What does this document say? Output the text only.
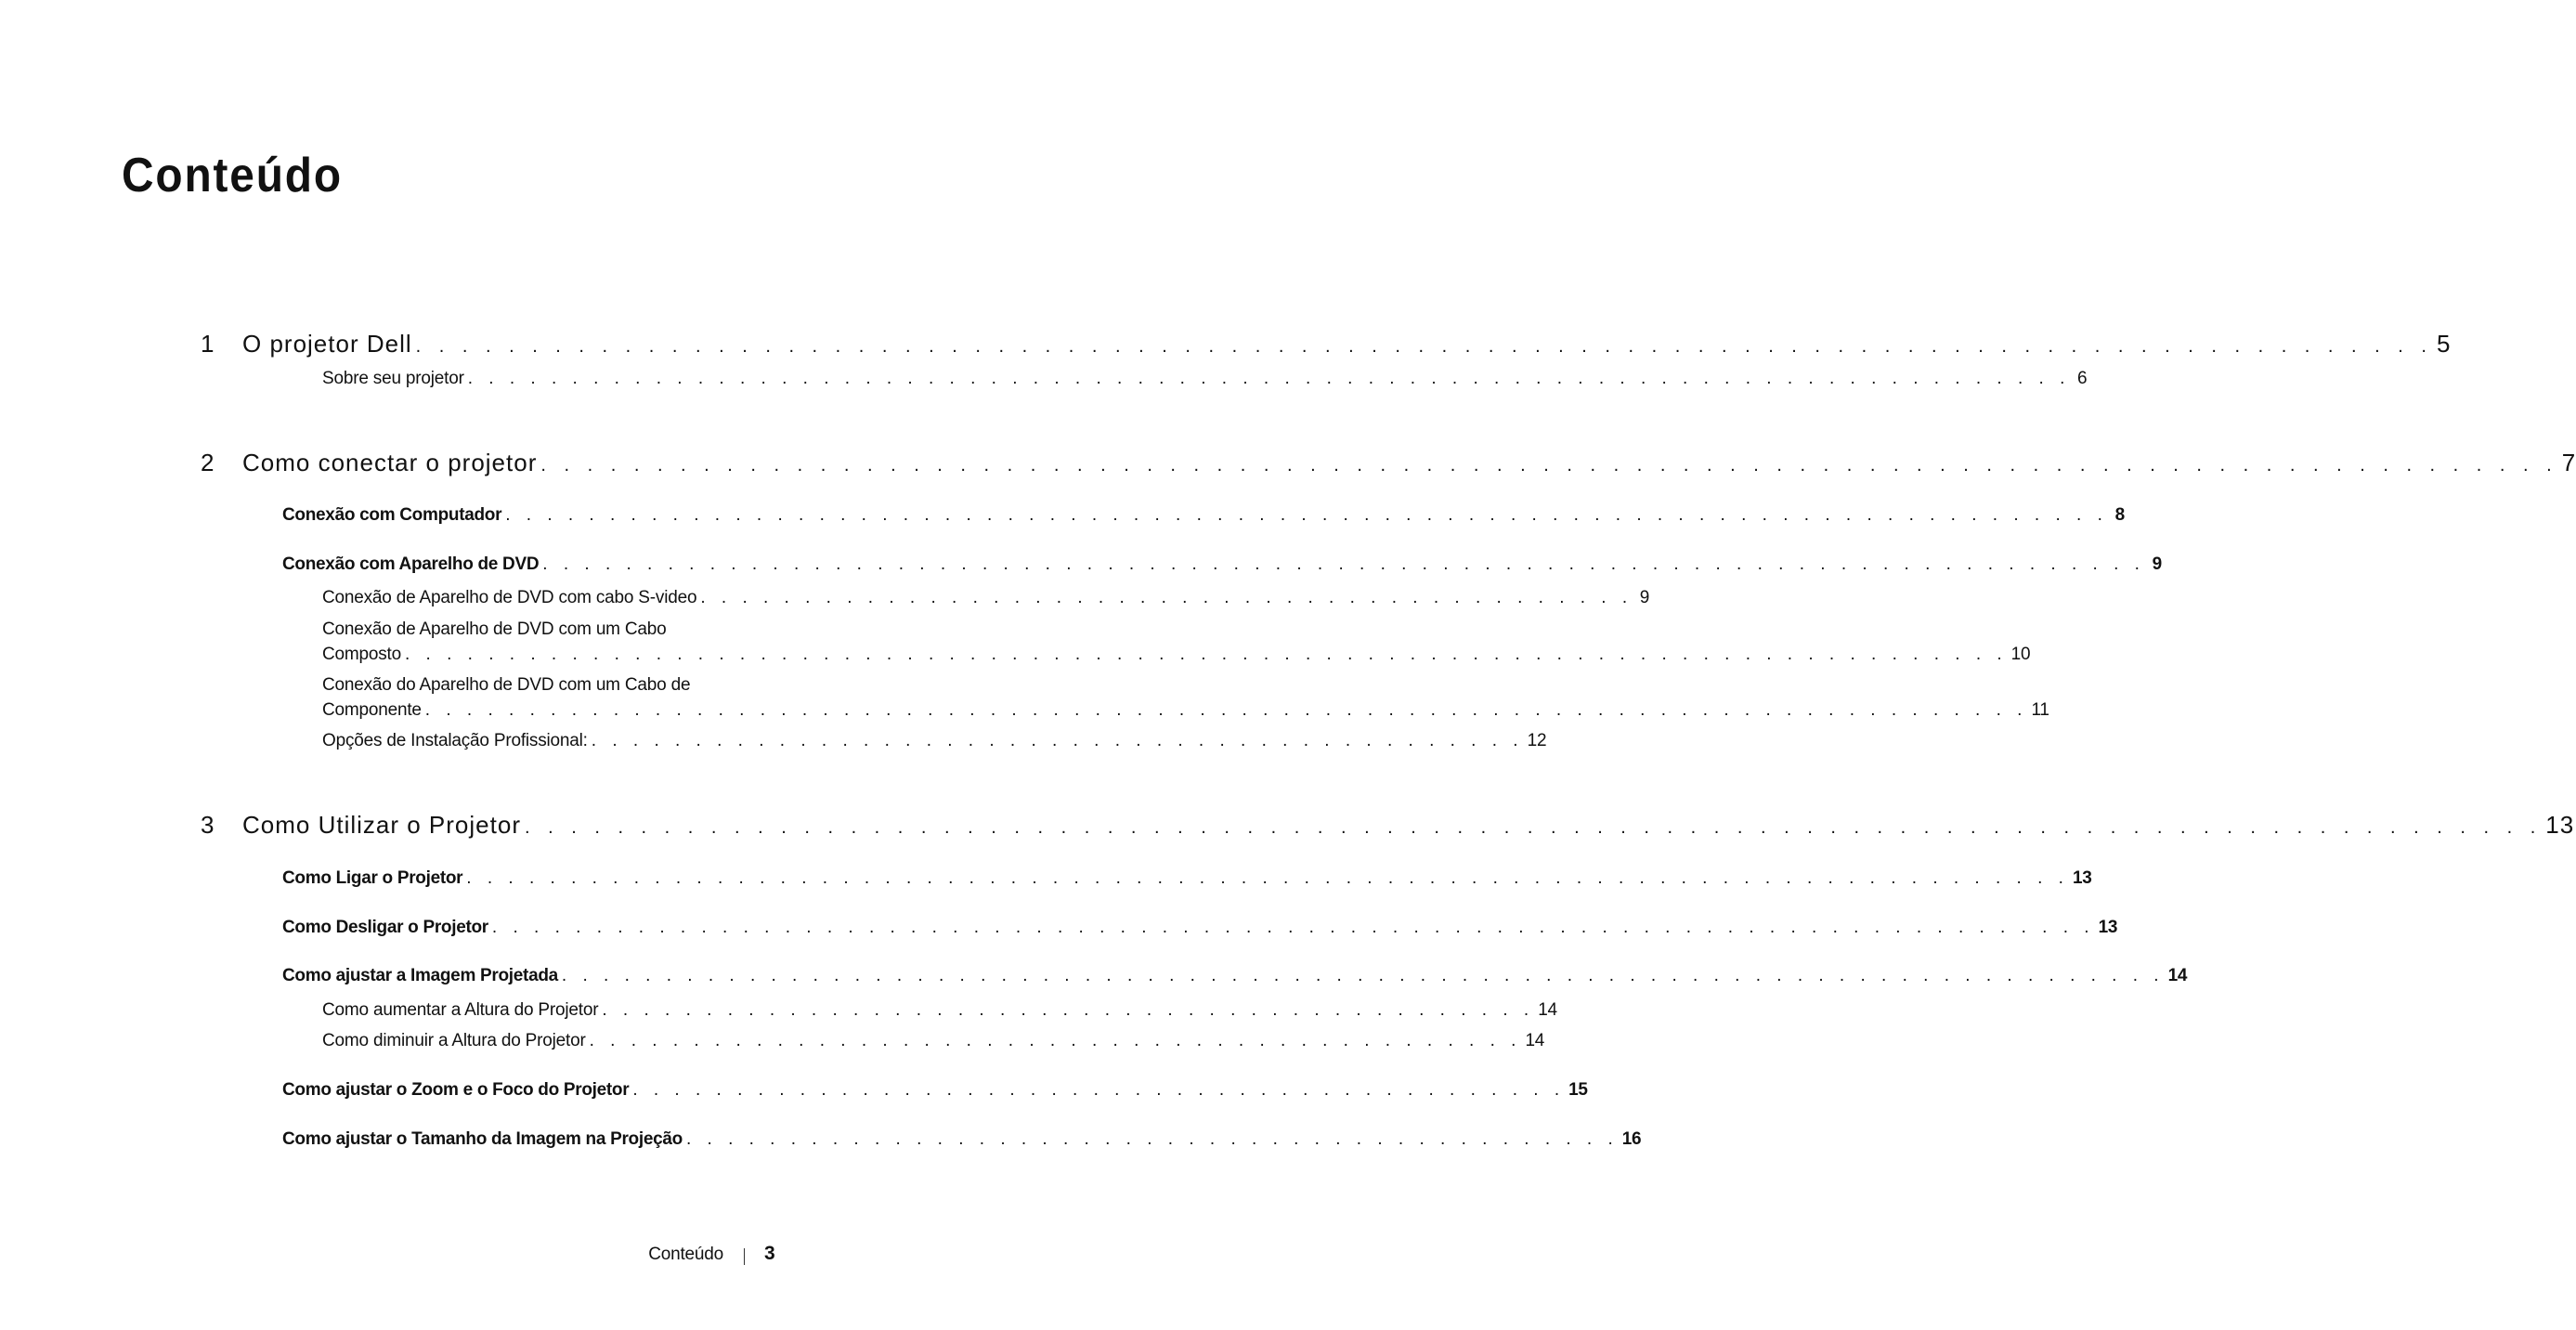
Conteúdo
1 O projetor Dell . . . . . . . . . . . . . . . . . . . . . . . . . . . . . . . . . . . . . . . . . . . . . . . . . . . . . . . . . . . . . . . . . . . . . . . . . . . . . . . . . . . . . . . 5
Sobre seu projetor . . . . . . . . . . . . . . . . . . . . . . . . . . . . . . . . . . . . . . . . . . . . . . . . . . . . . . . . . . . . . . . . . . . . . . . . . . . . . 6
2 Como conectar o projetor . . . . . . . . . . . . . . . . . . . . . . . . . . . . . . . . . . . . . . . . . . . . . . . . . . . . . . . . . . . . . . . . . . . . . . . . . . . . . . . . . . . . . . . 7
Conexão com Computador . . . . . . . . . . . . . . . . . . . . . . . . . . . . . . . . . . . . . . . . . . . . . . . . . . . . . . . . . . . . . . . . . . . . . . . . . . . . . 8
Conexão com Aparelho de DVD . . . . . . . . . . . . . . . . . . . . . . . . . . . . . . . . . . . . . . . . . . . . . . . . . . . . . . . . . . . . . . . . . . . . . . . . . . . . . 9
Conexão de Aparelho de DVD com cabo S-video . . . . . . . . . . . . . . . . . . . . . . . . . . . . . . . . . . . . . . . . . . . . . 9
Conexão de Aparelho de DVD com um Cabo
Composto . . . . . . . . . . . . . . . . . . . . . . . . . . . . . . . . . . . . . . . . . . . . . . . . . . . . . . . . . . . . . . . . . . . . . . . . . . . . . 10
Conexão do Aparelho de DVD com um Cabo de
Componente . . . . . . . . . . . . . . . . . . . . . . . . . . . . . . . . . . . . . . . . . . . . . . . . . . . . . . . . . . . . . . . . . . . . . . . . . . . . . 11
Opções de Instalação Profissional: . . . . . . . . . . . . . . . . . . . . . . . . . . . . . . . . . . . . . . . . . . . . . 12
3 Como Utilizar o Projetor . . . . . . . . . . . . . . . . . . . . . . . . . . . . . . . . . . . . . . . . . . . . . . . . . . . . . . . . . . . . . . . . . . . . . . . . . . . . . . . . . . . . . . . 13
Como Ligar o Projetor . . . . . . . . . . . . . . . . . . . . . . . . . . . . . . . . . . . . . . . . . . . . . . . . . . . . . . . . . . . . . . . . . . . . . . . . . . . . . 13
Como Desligar o Projetor . . . . . . . . . . . . . . . . . . . . . . . . . . . . . . . . . . . . . . . . . . . . . . . . . . . . . . . . . . . . . . . . . . . . . . . . . . . . . 13
Como ajustar a Imagem Projetada . . . . . . . . . . . . . . . . . . . . . . . . . . . . . . . . . . . . . . . . . . . . . . . . . . . . . . . . . . . . . . . . . . . . . . . . . . . . . 14
Como aumentar a Altura do Projetor . . . . . . . . . . . . . . . . . . . . . . . . . . . . . . . . . . . . . . . . . . . . . 14
Como diminuir a Altura do Projetor . . . . . . . . . . . . . . . . . . . . . . . . . . . . . . . . . . . . . . . . . . . . . 14
Como ajustar o Zoom e o Foco do Projetor . . . . . . . . . . . . . . . . . . . . . . . . . . . . . . . . . . . . . . . . . . . . . 15
Como ajustar o Tamanho da Imagem na Projeção . . . . . . . . . . . . . . . . . . . . . . . . . . . . . . . . . . . . . . . . . . . . . 16
Conteúdo 3
